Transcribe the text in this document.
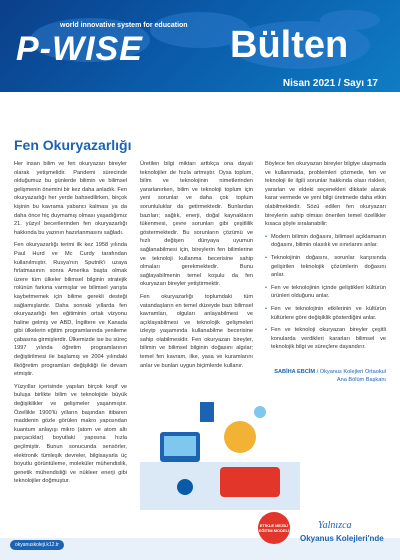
world innovative system for education
P-WISE Bülten
Nisan 2021 / Sayı 17
Fen Okuryazarlığı

Her insan bilim ve fen okuryazarı bireyler olarak yetişmelidir. Pandemi sürecinde olduğumuz bu günlerde bilimin ve bilimsel gelişmenin önemini bir kez daha anladık. Fen okuryazarlığı her yerde bahsedilirken, birçok kişinin bu kavrama yabancı kalması ya da daha önce hiç duymamış olması yaşadığımız 21. yüzyıl becerilerinden fen okuryazarlığı hakkında bu yazının hazırlanmasını sağladı.

Fen okuryazarlığı terimi ilk kez 1958 yılında Paul Hurd ve Mc Curdy tarafından kullanılmıştır. Rusya'nın Sputnik'i uzaya fırlatmasının sonra Amerika başta olmak üzere tüm ülkeler bilimsel bilginin stratejik rolünün farkına varmışlar ve bilimsel yarışta kaybetmemek için bilime gerekli desteği sağlamışlardır. Daha sonraki yıllarda fen okuryazarlığı fen eğitiminin ortak vizyonu haline gelmiş ve ABD, İngiltere ve Kanada gibi ülkelerin eğitim programlarında yenileme çabasına girmişlerdir. Ülkemizde ise bu süreç 1997 yılında öğretim programlarının değiştirilmesi ile başlamış ve 2004 yılındaki ilköğretim programları değişikliği ile devam etmiştir.

Yüzyıllar içerisinde yapılan birçok keşif ve buluşa birlikte bilim ve teknolojide büyük değişiklikler ve gelişmeler yaşanmıştır. Özellikle 1900'lü yılların başından itibaren maddenin gözle görülen makro yapısından kuantum anlayışı mikro (atom ve atom altı parçacıklar) boyutlaki yapısına hızla geçilmiştir. Bunun sonucunda sensörler, elektronik tümleşik devreler, bilgisayarla üç boyutlu görüntüleme, moleküler mühendislik, genetik mühendisliği ve nükleer enerji gibi teknolojiler doğmuştur.

Üretilen bilgi miktarı arttıkça ona dayalı teknolojiler de hızla artmıştır. Oysa toplum, bilim ve teknolojinin nimetlerinden yararlanırken, bilim ve teknoloji toplum için yeni sorunlar ve daha çok toplum sorunluluklar da getirmektedir. Bunlardan bazıları; sağlık, enerji, doğal kaynakların tükenmesi, çevre sorunları gibi çeşitlilik göstermektedir. Bu sorunların çözümü ve hızlı değişen dünyaya uyumun sağlanabilmesi için, bireylerin fen bilimlerine ve teknoloji kullanma becerisine sahip olmaları gerekmektedir. Bunu sağlayabilmenin temel koşulu da fen okuryazarı bireyler yetiştirmektir.

Fen okuryazarlığı toplumdaki tüm vatandaşların en temel düzeyde bazı bilimsel kavramları, olguları anlayabilmesi ve açıklayabilmesi ve teknolojik gelişmeleri izleyip yaşamında kullanabilme becerisine sahip olabilmesidir. Fen okuryazarı bireyler, bilimin ve bilimsel bilginin doğasını algılar; temel fen kavram, ilke, yasa ve kuramlarını anlar ve bunları uygun biçimlerde kullanır.

Böylece fen okuryazarı bireyler bilgiye ulaşmada ve kullanmada, problemleri çözmede, fen ve teknoloji ile ilgili sorunlar hakkında olası riskleri, yararları ve eldeki seçenekleri dikkate alarak karar vermede ve yeni bilgi üretmede daha etkin olabilmektedir. Sözü edilen fen okuryazarı bireylerin sahip olması önerilen temel özellikler kısaca şöyle sıralanabilir:

• Modern bilimin doğasını, bilimsel açıklamanın doğasını, bilimin olasılık ve sınırlarını anlar.

• Teknolojinin doğasını, sorunlar karşısında gelişirilen teknolojik çözümlerin doğasını anlar.

• Fen ve teknolojinin içinde geliştikleri kültürün ürünleri olduğunu anlar.

• Fen ve teknolojinin etkilerinin ve kültürün kültürlere göre değişiklik gösterdiğini anlar.

• Fen ve teknoloji okuryazarı bireyler çeşitli konularda verdikleri kararları bilimsel ve teknolojik bilgi ve süreçlere dayandırır.

SABİHA EBCİM / Okyanus Kolejleri Ortaokul Ana Bölüm Başkanı
okyanuskoleji.k12.tr
ETİKLE MEZİLİ EĞİTİM MODELİ	Yalnızca
Okyanus Kolejleri'nde
